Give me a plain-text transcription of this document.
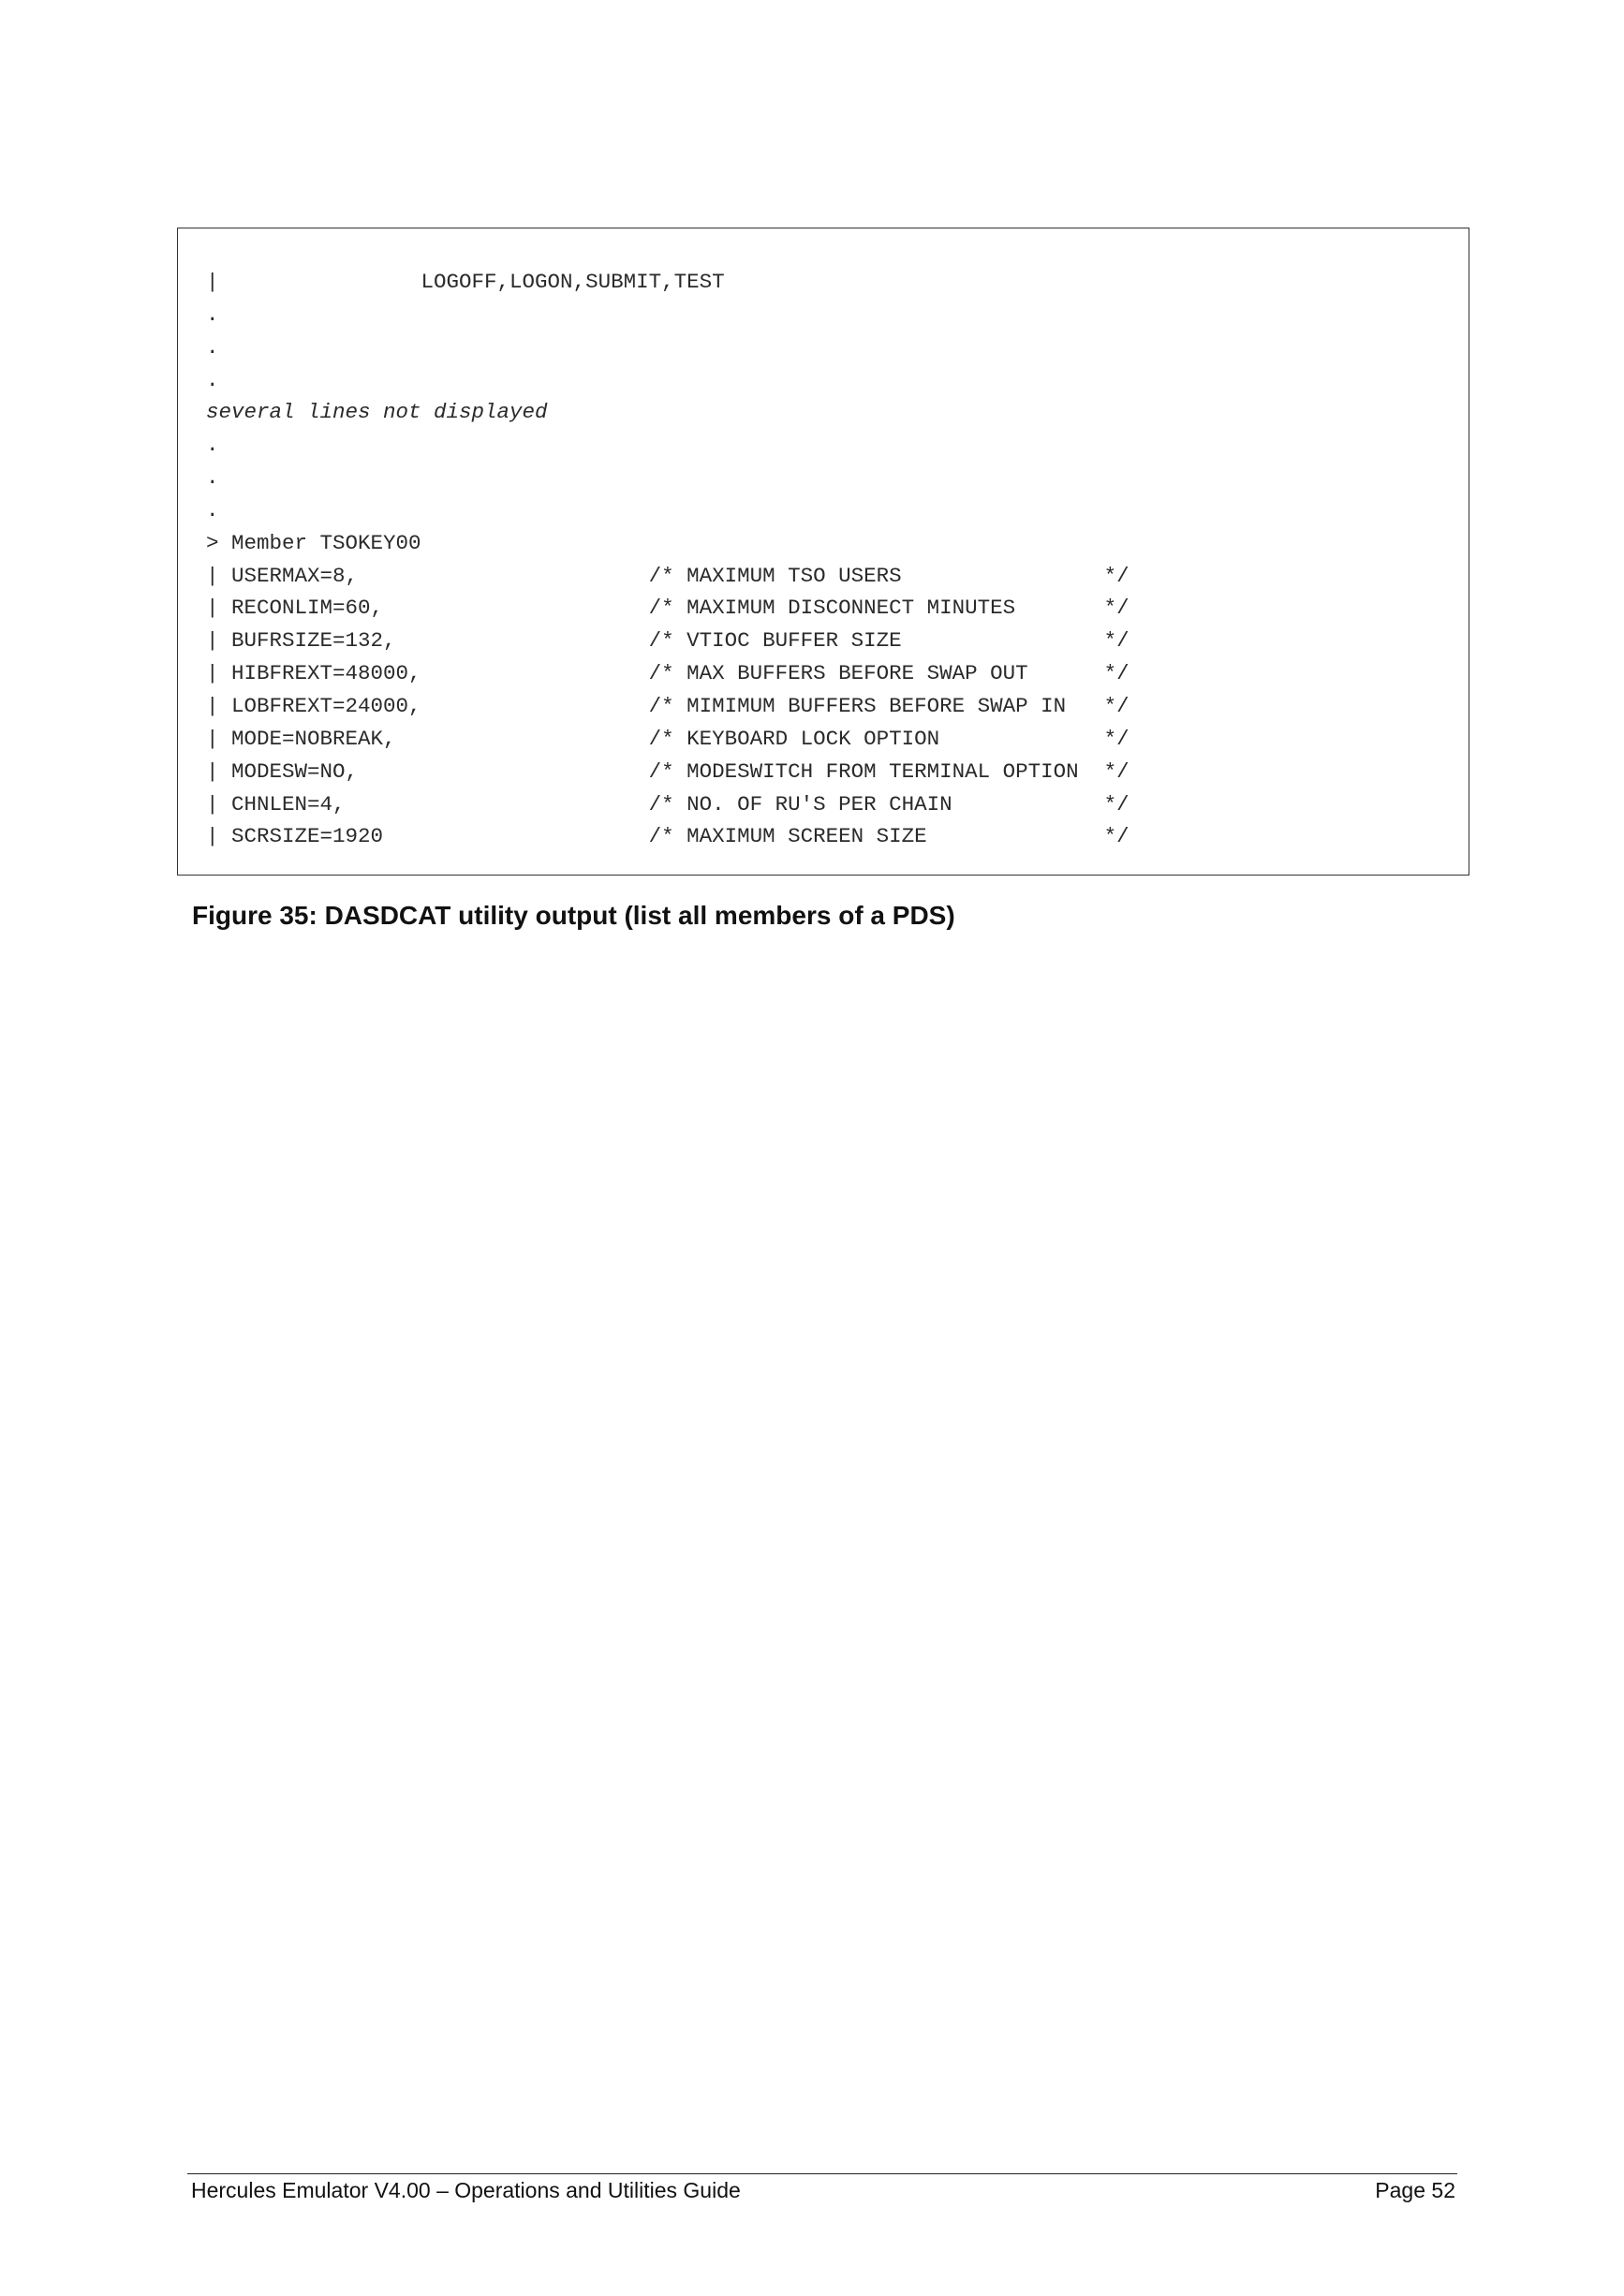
|                LOGOFF,LOGON,SUBMIT,TEST
.
.
.
several lines not displayed
.
.
.
> Member TSOKEY00
| USERMAX=8,                       /* MAXIMUM TSO USERS                */
| RECONLIM=60,                     /* MAXIMUM DISCONNECT MINUTES       */
| BUFRSIZE=132,                    /* VTIOC BUFFER SIZE                */
| HIBFREXT=48000,                  /* MAX BUFFERS BEFORE SWAP OUT      */
| LOBFREXT=24000,                  /* MIMIMUM BUFFERS BEFORE SWAP IN   */
| MODE=NOBREAK,                    /* KEYBOARD LOCK OPTION             */
| MODESW=NO,                       /* MODESWITCH FROM TERMINAL OPTION  */
| CHNLEN=4,                        /* NO. OF RU'S PER CHAIN            */
| SCRSIZE=1920                     /* MAXIMUM SCREEN SIZE              */
Figure 35: DASDCAT utility output (list all members of a PDS)
Hercules Emulator V4.00 – Operations and Utilities Guide	Page 52
